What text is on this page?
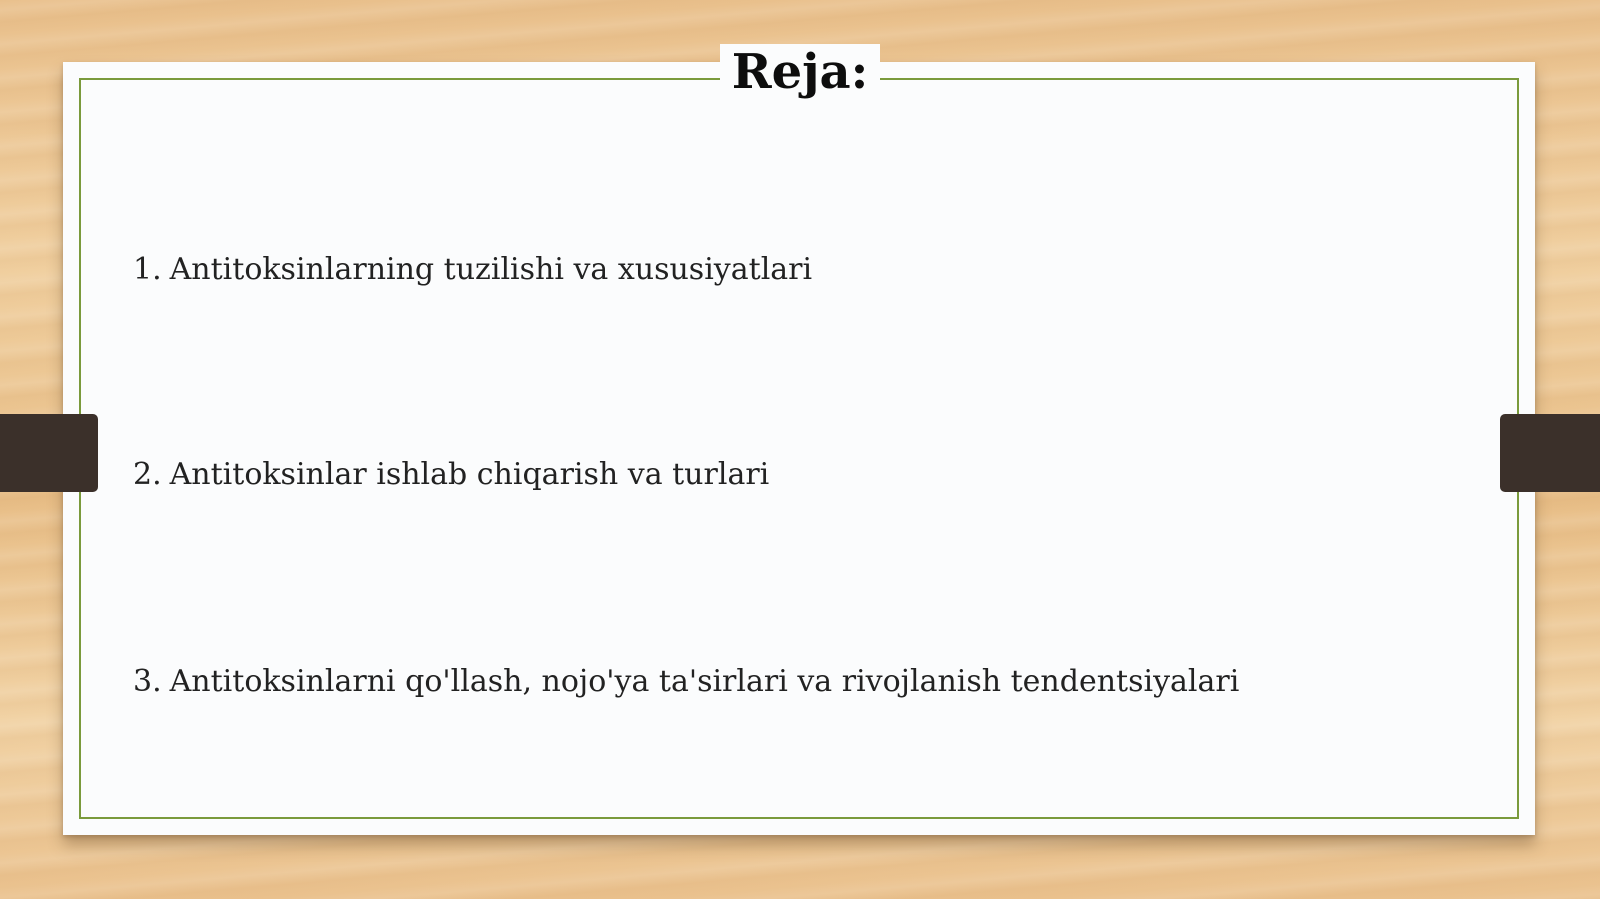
Reja:
1. Antitoksinlarning tuzilishi va xususiyatlari
2. Antitoksinlar ishlab chiqarish va turlari
3. Antitoksinlarni qo'llash, nojo'ya ta'sirlari va rivojlanish tendentsiyalari
